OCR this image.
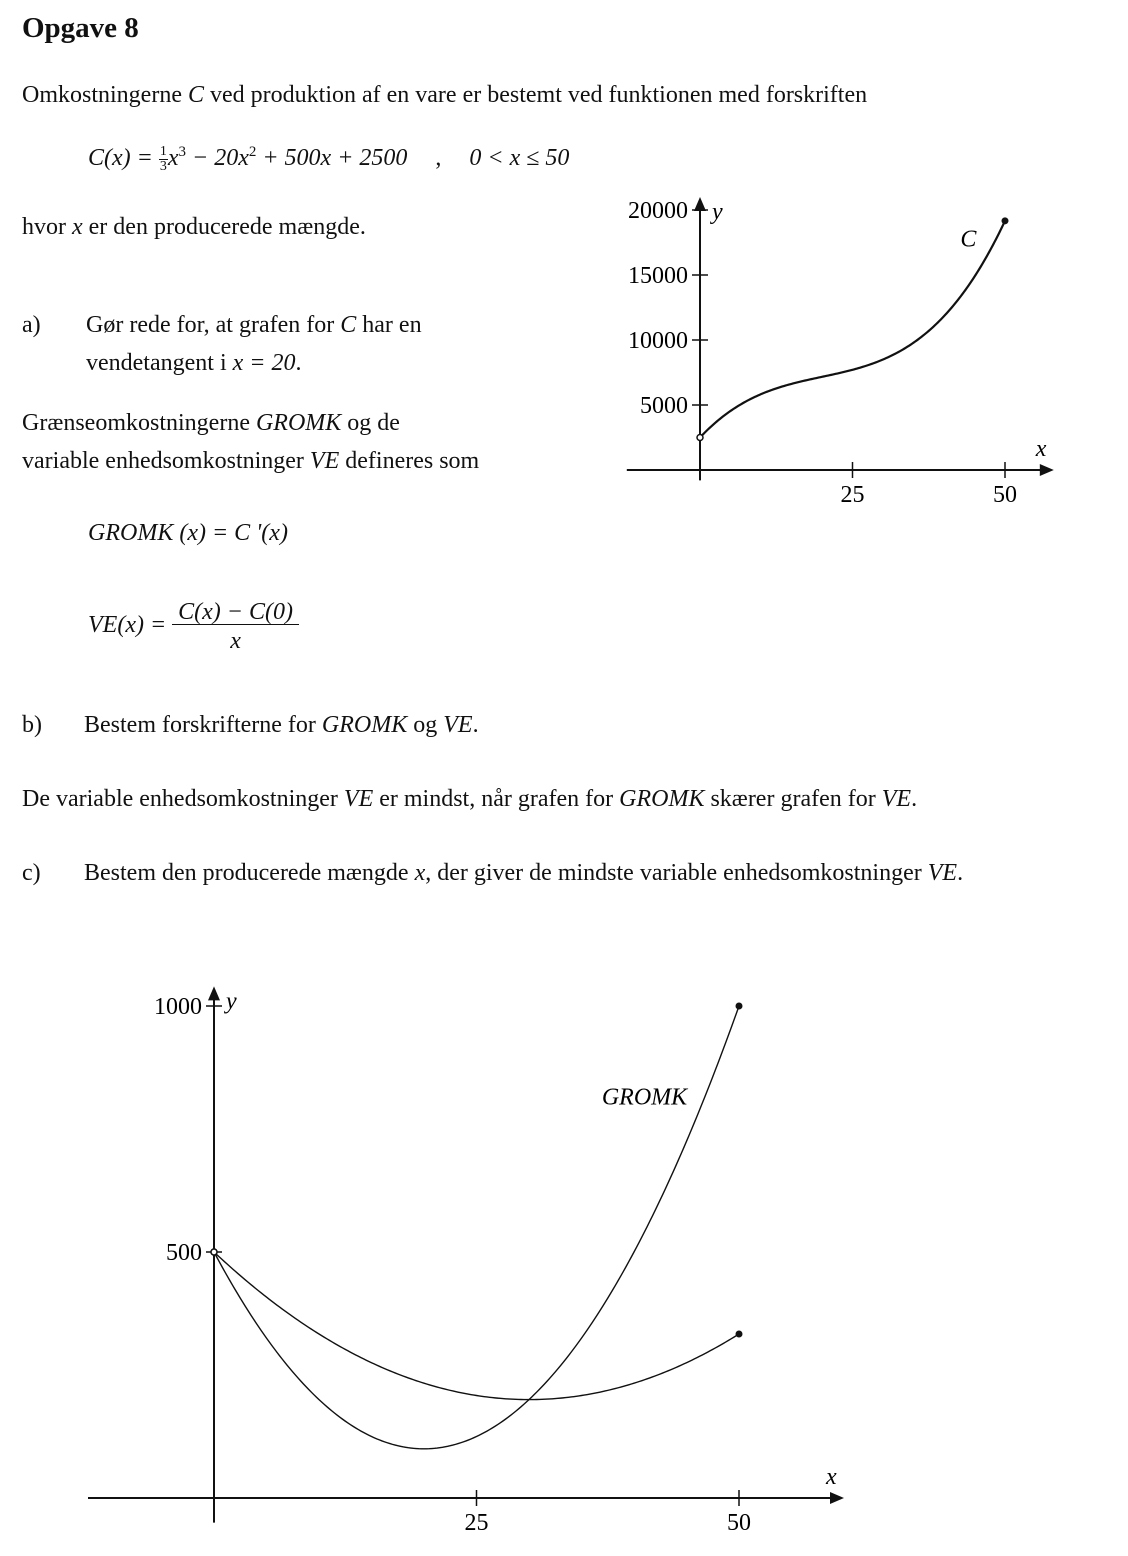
Opgave 8
Omkostningerne C ved produktion af en vare er bestemt ved funktionen med forskriften
$C(x) = \frac{1}{3} x^3 - 20x^2 + 500x + 2500$ , 0 < x ≤ 50
hvor x er den producerede mængde.
a) Gør rede for, at grafen for C har en
vendetangent i x = 20.
Grænseomkostningerne GROMK og de
variable enhedsomkostninger VE defineres som
GROMK (x) = C '(x)
$VE(x) = \frac{C(x) - C(0)}{x}$
b) Bestem forskrifterne for GROMK og VE.
De variable enhedsomkostninger VE er mindst, når grafen for GROMK skærer grafen for VE.
c) Bestem den producerede mængde x, der giver de mindste variable enhedsomkostninger VE.
x
y
25	50
5000
10000
15000
20000
C
x
y
25	50
500
1000
GROMK
